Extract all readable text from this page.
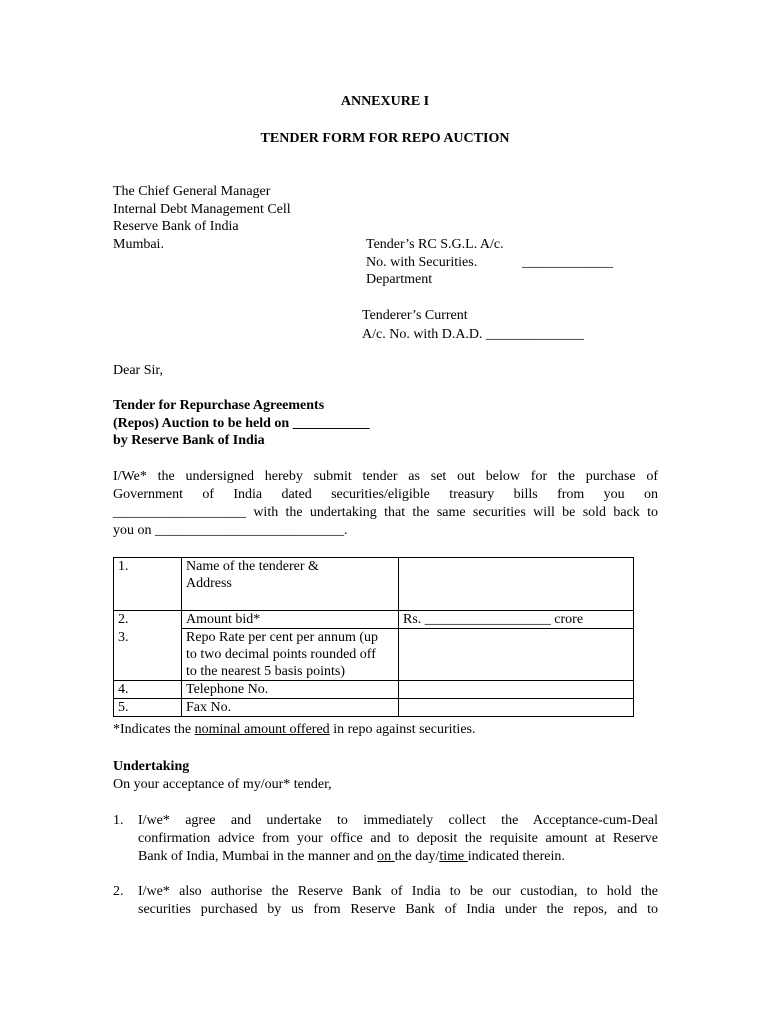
ANNEXURE I
TENDER FORM FOR REPO AUCTION
The Chief General Manager
Internal Debt Management Cell
Reserve Bank of India
Mumbai.	Tender’s RC S.G.L. A/c.
No. with Securities.	_____________
Department
Tenderer’s Current
A/c. No. with D.A.D. ______________
Dear Sir,
Tender for Repurchase Agreements
(Repos) Auction to be held on ___________
by Reserve Bank of India
I/We* the undersigned hereby submit tender as set out below for the purchase of
Government of India dated securities/eligible treasury bills from you on
___________________ with the undertaking that the same securities will be sold back to
you on ___________________________.
1.	Name of the tenderer &
Address	

2.	Amount bid*	Rs. __________________ crore
3.	Repo Rate per cent per annum (up
to two decimal points rounded off
to the nearest 5 basis points)	

4.	Telephone No.	
5.	Fax No.	
*Indicates the nominal amount offered in repo against securities.
Undertaking
On your acceptance of my/our* tender,
1. I/we* agree and undertake to immediately collect the Acceptance-cum-Deal
confirmation advice from your office and to deposit the requisite amount at Reserve
Bank of India, Mumbai in the manner and on the day/time indicated therein.
2. I/we* also authorise the Reserve Bank of India to be our custodian, to hold the
securities purchased by us from Reserve Bank of India under the repos, and to
